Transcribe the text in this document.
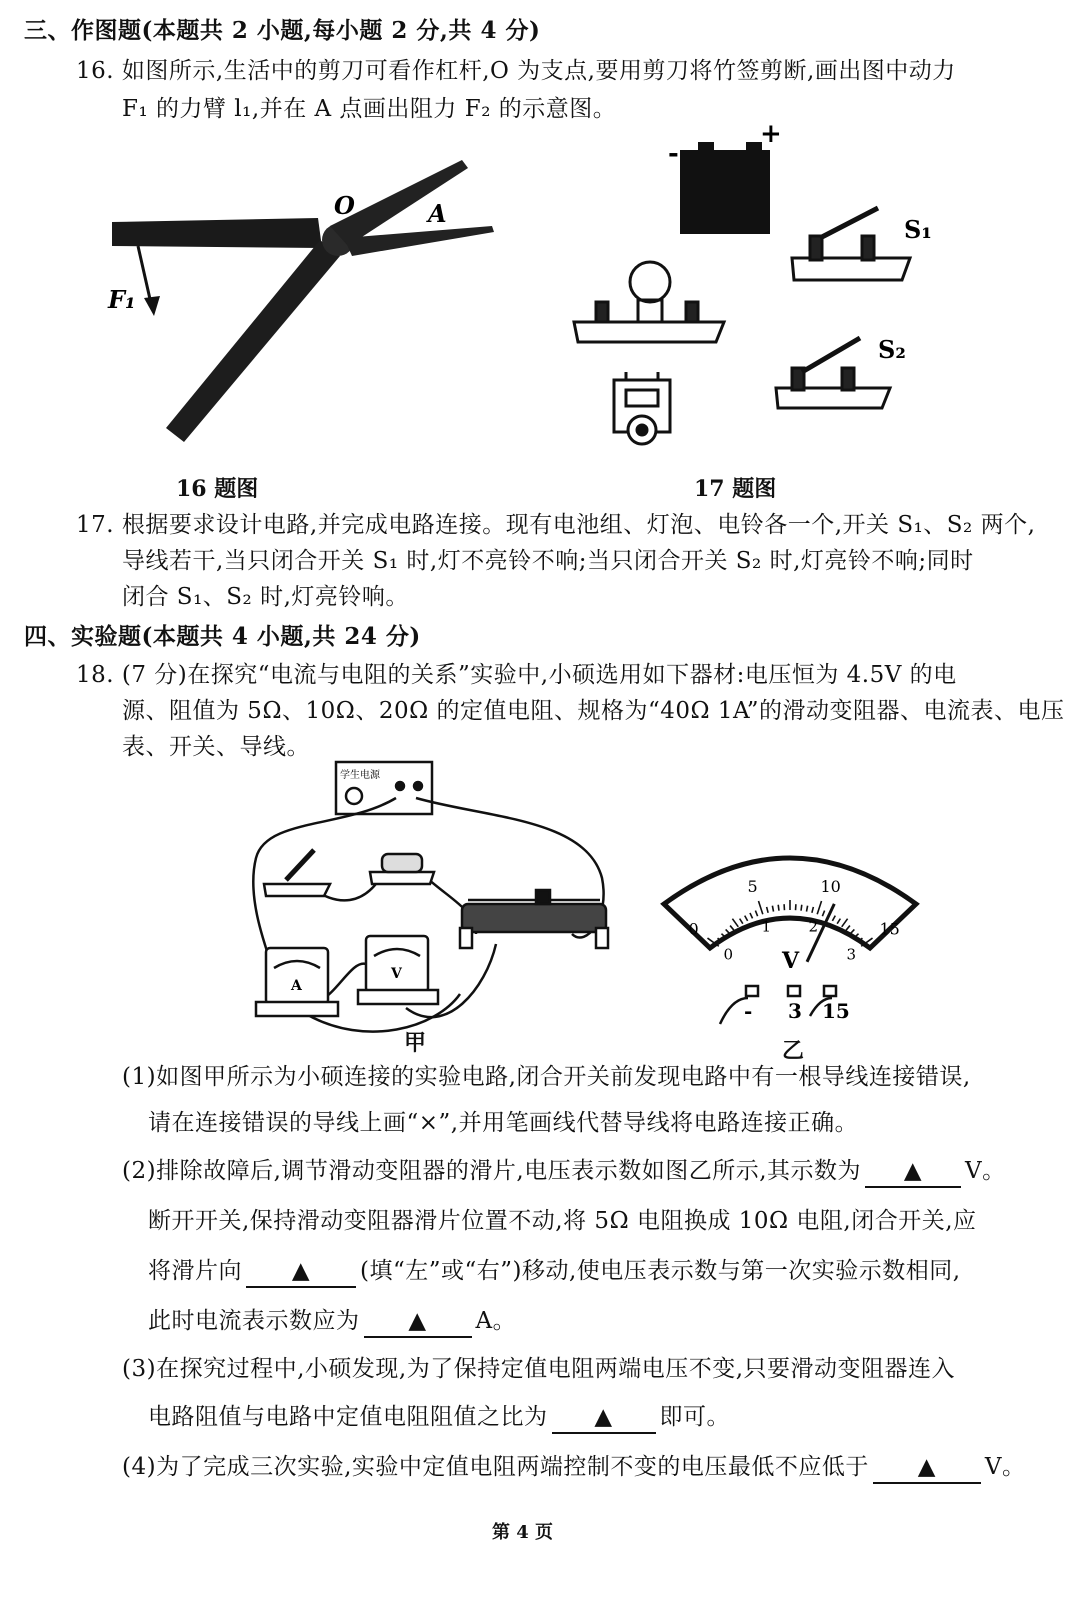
三、作图题(本题共 2 小题,每小题 2 分,共 4 分)
16. 如图所示,生活中的剪刀可看作杠杆,O 为支点,要用剪刀将竹签剪断,画出图中动力
F₁ 的力臂 l₁,并在 A 点画出阻力 F₂ 的示意图。
O	A
F₁
16 题图
+
-
S₁
S₂
17 题图
17. 根据要求设计电路,并完成电路连接。现有电池组、灯泡、电铃各一个,开关 S₁、S₂ 两个,
导线若干,当只闭合开关 S₁ 时,灯不亮铃不响;当只闭合开关 S₂ 时,灯亮铃不响;同时
闭合 S₁、S₂ 时,灯亮铃响。
四、实验题(本题共 4 小题,共 24 分)
18. (7 分)在探究“电流与电阻的关系”实验中,小硕选用如下器材:电压恒为 4.5V 的电
源、阻值为 5Ω、10Ω、20Ω 的定值电阻、规格为“40Ω 1A”的滑动变阻器、电流表、电压
表、开关、导线。
学生电源
A
V
甲
0
5	10
15
0
1 2
3
V
- 3 15
乙
(1)如图甲所示为小硕连接的实验电路,闭合开关前发现电路中有一根导线连接错误,
请在连接错误的导线上画“×”,并用笔画线代替导线将电路连接正确。
(2)排除故障后,调节滑动变阻器的滑片,电压表示数如图乙所示,其示数为 ▲ V。
断开开关,保持滑动变阻器滑片位置不动,将 5Ω 电阻换成 10Ω 电阻,闭合开关,应
将滑片向 ▲ (填“左”或“右”)移动,使电压表示数与第一次实验示数相同,
此时电流表示数应为 ▲ A。
(3)在探究过程中,小硕发现,为了保持定值电阻两端电压不变,只要滑动变阻器连入
电路阻值与电路中定值电阻阻值之比为 ▲ 即可。
(4)为了完成三次实验,实验中定值电阻两端控制不变的电压最低不应低于 ▲ V。
第 4 页
